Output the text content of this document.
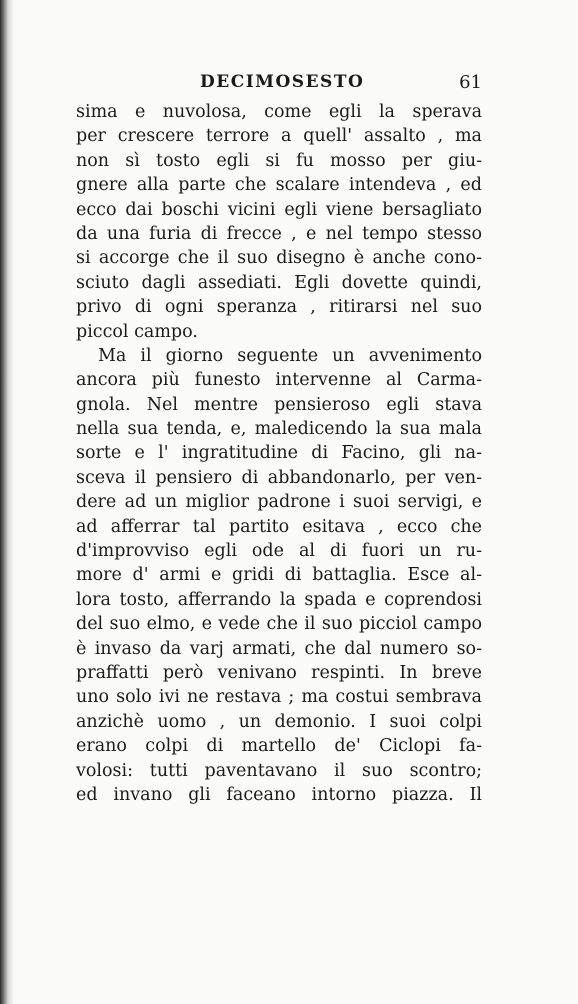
DECIMOSESTO	61
sima e nuvolosa, come egli la sperava
per crescere terrore a quell' assalto , ma
non sì tosto egli si fu mosso per giu-
gnere alla parte che scalare intendeva , ed
ecco dai boschi vicini egli viene bersagliato
da una furia di frecce , e nel tempo stesso
si accorge che il suo disegno è anche cono-
sciuto dagli assediati. Egli dovette quindi,
privo di ogni speranza , ritirarsi nel suo
piccol campo.
Ma il giorno seguente un avvenimento
ancora più funesto intervenne al Carma-
gnola. Nel mentre pensieroso egli stava
nella sua tenda, e, maledicendo la sua mala
sorte e l' ingratitudine di Facino, gli na-
sceva il pensiero di abbandonarlo, per ven-
dere ad un miglior padrone i suoi servigi, e
ad afferrar tal partito esitava , ecco che
d'improvviso egli ode al di fuori un ru-
more d' armi e gridi di battaglia. Esce al-
lora tosto, afferrando la spada e coprendosi
del suo elmo, e vede che il suo picciol campo
è invaso da varj armati, che dal numero so-
praffatti però venivano respinti. In breve
uno solo ivi ne restava ; ma costui sembrava
anzichè uomo , un demonio. I suoi colpi
erano colpi di martello de' Ciclopi fa-
volosi: tutti paventavano il suo scontro;
ed invano gli faceano intorno piazza. Il
